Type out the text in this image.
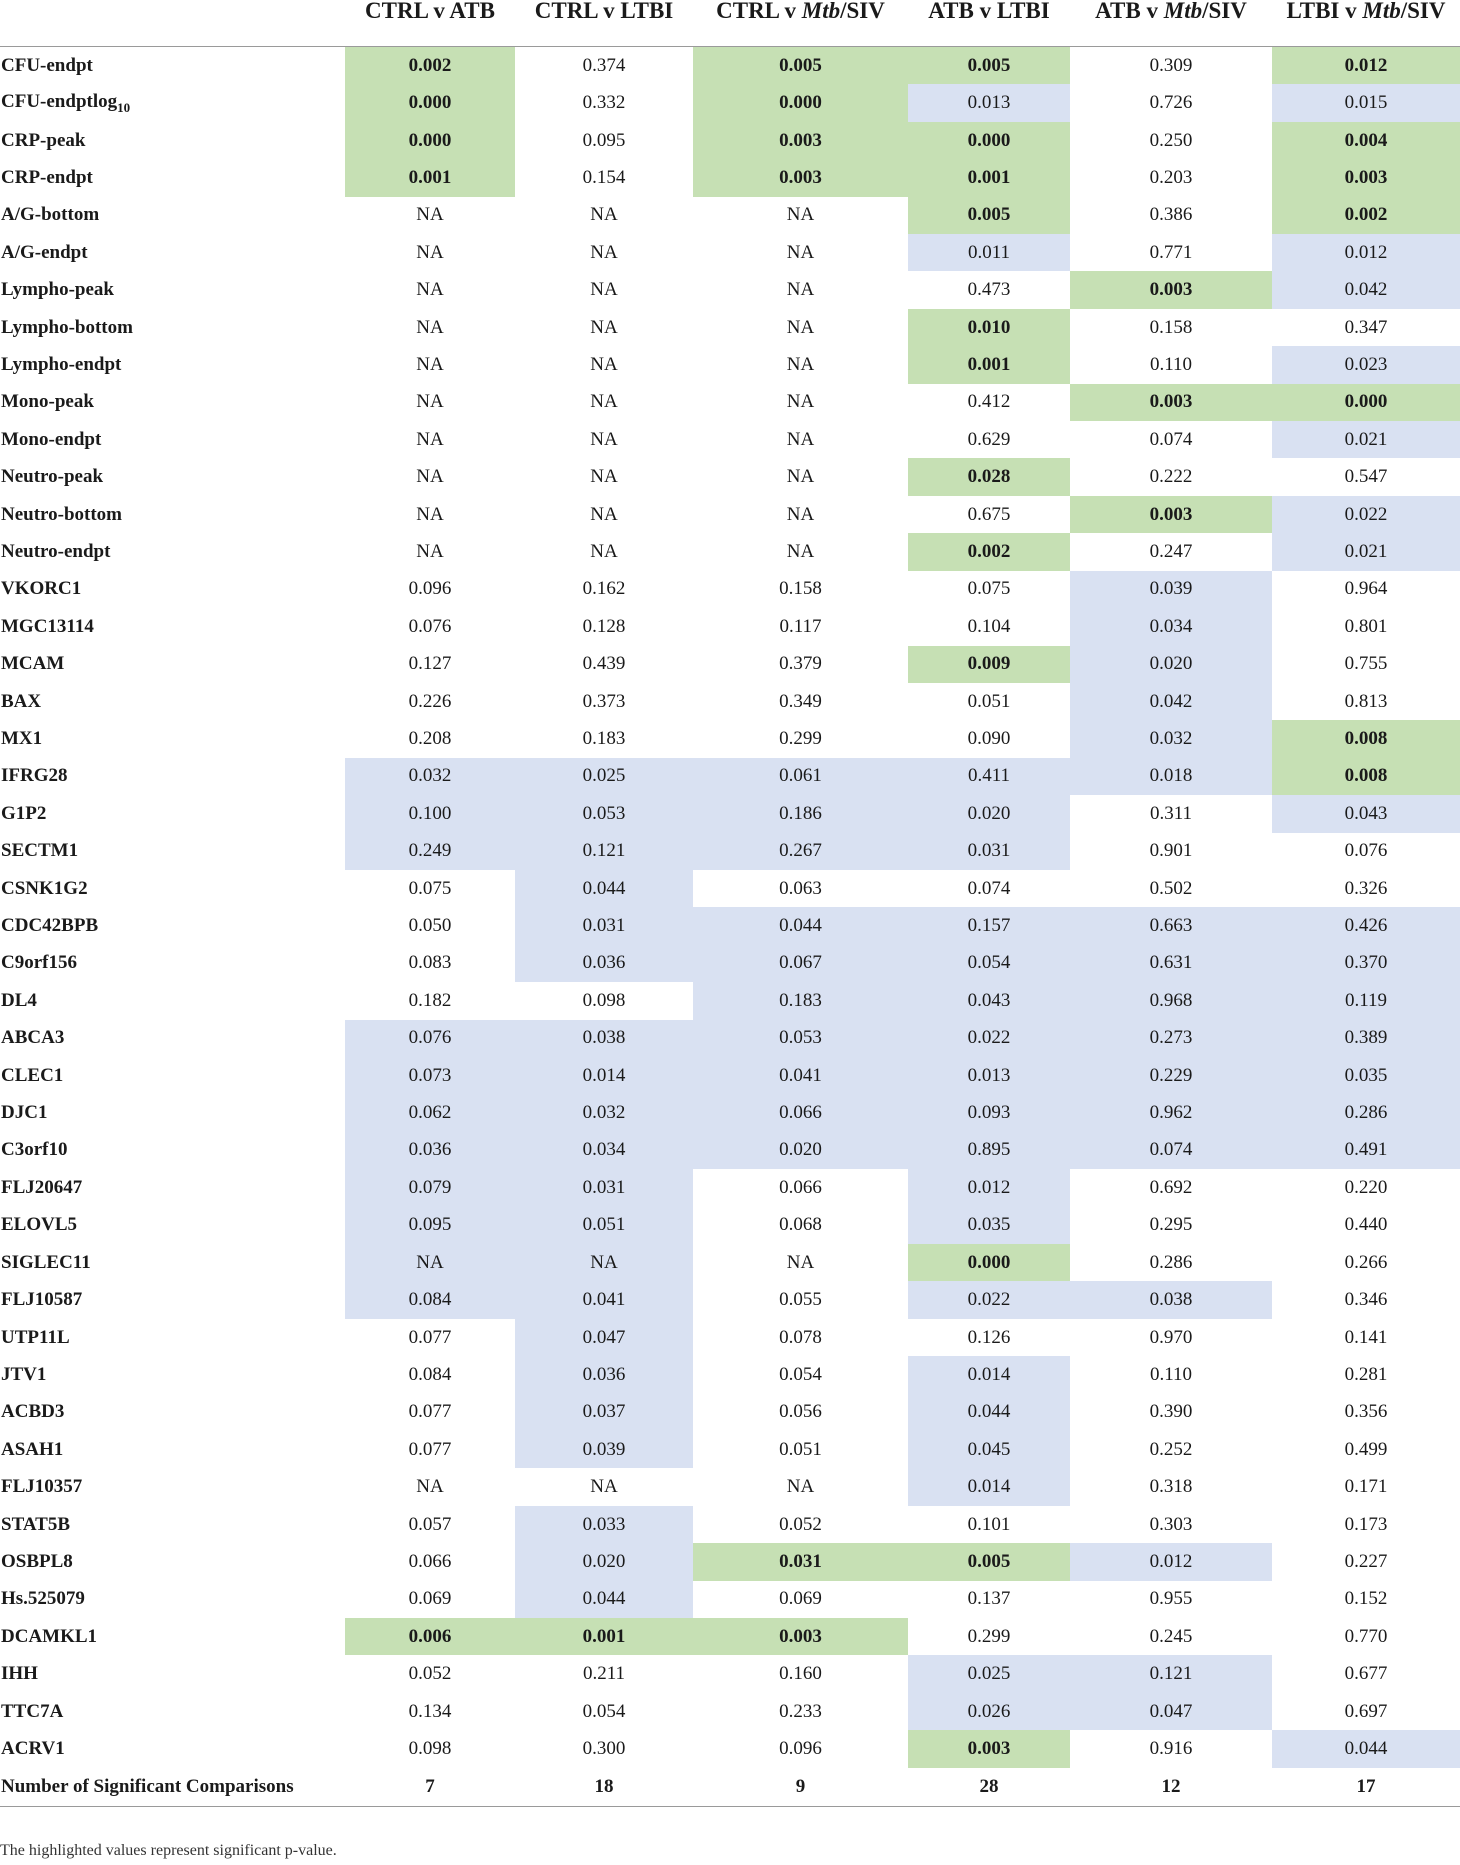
	CTRL v ATB	CTRL v LTBI	CTRL v Mtb/SIV	ATB v LTBI	ATB v Mtb/SIV	LTBI v Mtb/SIV
CFU-endpt	0.002	0.374	0.005	0.005	0.309	0.012
CFU-endptlog$_{10}$	0.000	0.332	0.000	0.013	0.726	0.015
CRP-peak	0.000	0.095	0.003	0.000	0.250	0.004
CRP-endpt	0.001	0.154	0.003	0.001	0.203	0.003
A/G-bottom	NA	NA	NA	0.005	0.386	0.002
A/G-endpt	NA	NA	NA	0.011	0.771	0.012
Lympho-peak	NA	NA	NA	0.473	0.003	0.042
Lympho-bottom	NA	NA	NA	0.010	0.158	0.347
Lympho-endpt	NA	NA	NA	0.001	0.110	0.023
Mono-peak	NA	NA	NA	0.412	0.003	0.000
Mono-endpt	NA	NA	NA	0.629	0.074	0.021
Neutro-peak	NA	NA	NA	0.028	0.222	0.547
Neutro-bottom	NA	NA	NA	0.675	0.003	0.022
Neutro-endpt	NA	NA	NA	0.002	0.247	0.021
VKORC1	0.096	0.162	0.158	0.075	0.039	0.964
MGC13114	0.076	0.128	0.117	0.104	0.034	0.801
MCAM	0.127	0.439	0.379	0.009	0.020	0.755
BAX	0.226	0.373	0.349	0.051	0.042	0.813
MX1	0.208	0.183	0.299	0.090	0.032	0.008
IFRG28	0.032	0.025	0.061	0.411	0.018	0.008
G1P2	0.100	0.053	0.186	0.020	0.311	0.043
SECTM1	0.249	0.121	0.267	0.031	0.901	0.076
CSNK1G2	0.075	0.044	0.063	0.074	0.502	0.326
CDC42BPB	0.050	0.031	0.044	0.157	0.663	0.426
C9orf156	0.083	0.036	0.067	0.054	0.631	0.370
DL4	0.182	0.098	0.183	0.043	0.968	0.119
ABCA3	0.076	0.038	0.053	0.022	0.273	0.389
CLEC1	0.073	0.014	0.041	0.013	0.229	0.035
DJC1	0.062	0.032	0.066	0.093	0.962	0.286
C3orf10	0.036	0.034	0.020	0.895	0.074	0.491
FLJ20647	0.079	0.031	0.066	0.012	0.692	0.220
ELOVL5	0.095	0.051	0.068	0.035	0.295	0.440
SIGLEC11	NA	NA	NA	0.000	0.286	0.266
FLJ10587	0.084	0.041	0.055	0.022	0.038	0.346
UTP11L	0.077	0.047	0.078	0.126	0.970	0.141
JTV1	0.084	0.036	0.054	0.014	0.110	0.281
ACBD3	0.077	0.037	0.056	0.044	0.390	0.356
ASAH1	0.077	0.039	0.051	0.045	0.252	0.499
FLJ10357	NA	NA	NA	0.014	0.318	0.171
STAT5B	0.057	0.033	0.052	0.101	0.303	0.173
OSBPL8	0.066	0.020	0.031	0.005	0.012	0.227
Hs.525079	0.069	0.044	0.069	0.137	0.955	0.152
DCAMKL1	0.006	0.001	0.003	0.299	0.245	0.770
IHH	0.052	0.211	0.160	0.025	0.121	0.677
TTC7A	0.134	0.054	0.233	0.026	0.047	0.697
ACRV1	0.098	0.300	0.096	0.003	0.916	0.044
Number of Significant Comparisons	7	18	9	28	12	17
The highlighted values represent significant p-value.
